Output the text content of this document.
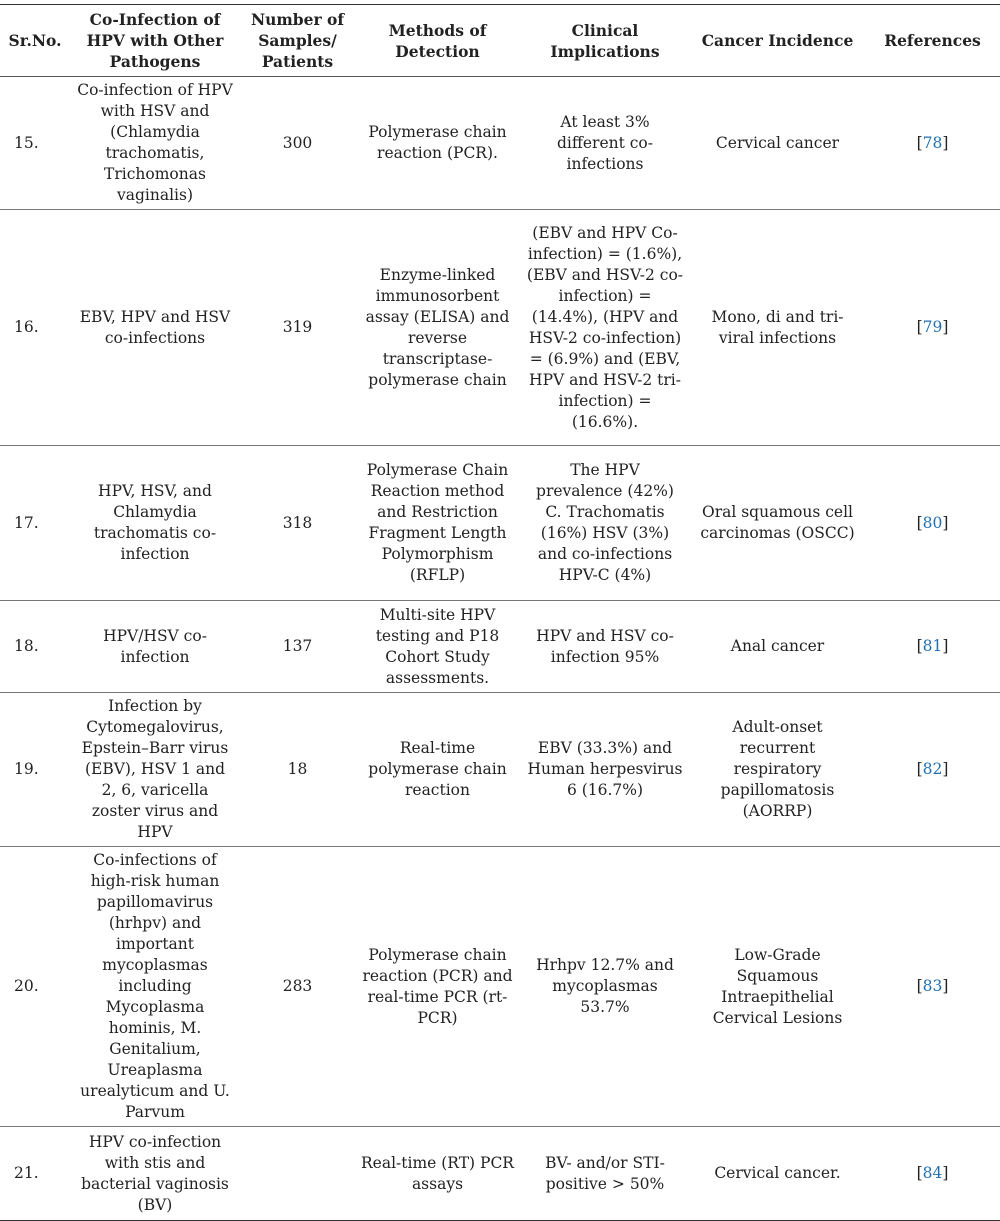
Sr.No.	Co-Infection of HPV with Other Pathogens	Number of Samples/ Patients	Methods of Detection	Clinical Implications	Cancer Incidence	References
15.	Co-infection of HPV with HSV and (Chlamydia trachomatis, Trichomonas vaginalis)	300	Polymerase chain reaction (PCR).	At least 3% different co-infections	Cervical cancer	[78]
16.	EBV, HPV and HSV co-infections	319	Enzyme-linked immunosorbent assay (ELISA) and reverse transcriptase-polymerase chain	(EBV and HPV Co-infection) = (1.6%), (EBV and HSV-2 co-infection) = (14.4%), (HPV and HSV-2 co-infection) = (6.9%) and (EBV, HPV and HSV-2 tri-infection) = (16.6%).	Mono, di and tri-viral infections	[79]
17.	HPV, HSV, and Chlamydia trachomatis co-infection	318	Polymerase Chain Reaction method and Restriction Fragment Length Polymorphism (RFLP)	The HPV prevalence (42%) C. Trachomatis (16%) HSV (3%) and co-infections HPV-C (4%)	Oral squamous cell carcinomas (OSCC)	[80]
18.	HPV/HSV co-infection	137	Multi-site HPV testing and P18 Cohort Study assessments.	HPV and HSV co-infection 95%	Anal cancer	[81]
19.	Infection by Cytomegalovirus, Epstein–Barr virus (EBV), HSV 1 and 2, 6, varicella zoster virus and HPV	18	Real-time polymerase chain reaction	EBV (33.3%) and Human herpesvirus 6 (16.7%)	Adult-onset recurrent respiratory papillomatosis (AORRP)	[82]
20.	Co-infections of high-risk human papillomavirus (hrhpv) and important mycoplasmas including Mycoplasma hominis, M. Genitalium, Ureaplasma urealyticum and U. Parvum	283	Polymerase chain reaction (PCR) and real-time PCR (rt-PCR)	Hrhpv 12.7% and mycoplasmas 53.7%	Low-Grade Squamous Intraepithelial Cervical Lesions	[83]
21.	HPV co-infection with stis and bacterial vaginosis (BV)		Real-time (RT) PCR assays	BV- and/or STI-positive > 50%	Cervical cancer.	[84]
